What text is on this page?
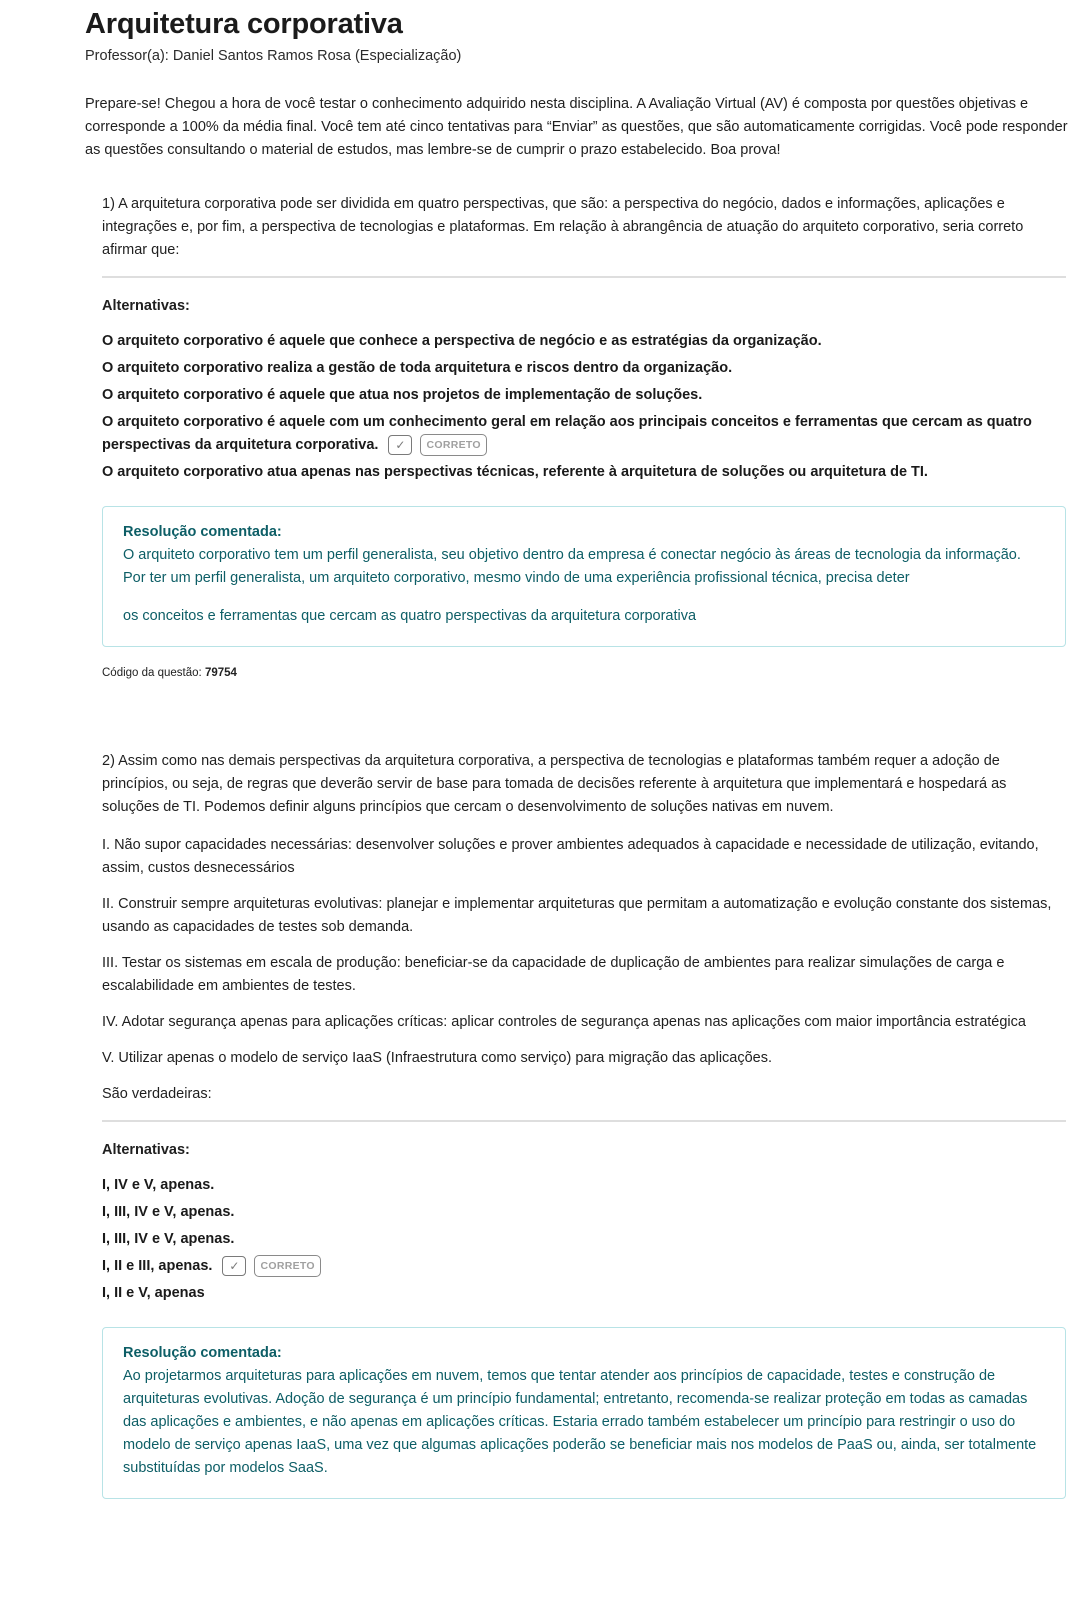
Arquitetura corporativa
Professor(a): Daniel Santos Ramos Rosa (Especialização)
Prepare-se! Chegou a hora de você testar o conhecimento adquirido nesta disciplina. A Avaliação Virtual (AV) é composta por questões objetivas e corresponde a 100% da média final. Você tem até cinco tentativas para “Enviar” as questões, que são automaticamente corrigidas. Você pode responder as questões consultando o material de estudos, mas lembre-se de cumprir o prazo estabelecido. Boa prova!
1) A arquitetura corporativa pode ser dividida em quatro perspectivas, que são: a perspectiva do negócio, dados e informações, aplicações e integrações e, por fim, a perspectiva de tecnologias e plataformas. Em relação à abrangência de atuação do arquiteto corporativo, seria correto afirmar que:
Alternativas:
O arquiteto corporativo é aquele que conhece a perspectiva de negócio e as estratégias da organização.
O arquiteto corporativo realiza a gestão de toda arquitetura e riscos dentro da organização.
O arquiteto corporativo é aquele que atua nos projetos de implementação de soluções.
O arquiteto corporativo é aquele com um conhecimento geral em relação aos principais conceitos e ferramentas que cercam as quatro perspectivas da arquitetura corporativa. ✓ CORRETO
O arquiteto corporativo atua apenas nas perspectivas técnicas, referente à arquitetura de soluções ou arquitetura de TI.
Resolução comentada:
O arquiteto corporativo tem um perfil generalista, seu objetivo dentro da empresa é conectar negócio às áreas de tecnologia da informação. Por ter um perfil generalista, um arquiteto corporativo, mesmo vindo de uma experiência profissional técnica, precisa deter
os conceitos e ferramentas que cercam as quatro perspectivas da arquitetura corporativa
Código da questão: 79754
2) Assim como nas demais perspectivas da arquitetura corporativa, a perspectiva de tecnologias e plataformas também requer a adoção de princípios, ou seja, de regras que deverão servir de base para tomada de decisões referente à arquitetura que implementará e hospedará as soluções de TI. Podemos definir alguns princípios que cercam o desenvolvimento de soluções nativas em nuvem.
I. Não supor capacidades necessárias: desenvolver soluções e prover ambientes adequados à capacidade e necessidade de utilização, evitando, assim, custos desnecessários
II. Construir sempre arquiteturas evolutivas: planejar e implementar arquiteturas que permitam a automatização e evolução constante dos sistemas, usando as capacidades de testes sob demanda.
III. Testar os sistemas em escala de produção: beneficiar-se da capacidade de duplicação de ambientes para realizar simulações de carga e escalabilidade em ambientes de testes.
IV. Adotar segurança apenas para aplicações críticas: aplicar controles de segurança apenas nas aplicações com maior importância estratégica
V. Utilizar apenas o modelo de serviço IaaS (Infraestrutura como serviço) para migração das aplicações.
São verdadeiras:
Alternativas:
I, IV e V, apenas.
I, III, IV e V, apenas.
I, III, IV e V, apenas.
I, II e III, apenas. ✓ CORRETO
I, II e V, apenas
Resolução comentada:
Ao projetarmos arquiteturas para aplicações em nuvem, temos que tentar atender aos princípios de capacidade, testes e construção de arquiteturas evolutivas. Adoção de segurança é um princípio fundamental; entretanto, recomenda-se realizar proteção em todas as camadas das aplicações e ambientes, e não apenas em aplicações críticas. Estaria errado também estabelecer um princípio para restringir o uso do modelo de serviço apenas IaaS, uma vez que algumas aplicações poderão se beneficiar mais nos modelos de PaaS ou, ainda, ser totalmente substituídas por modelos SaaS.
